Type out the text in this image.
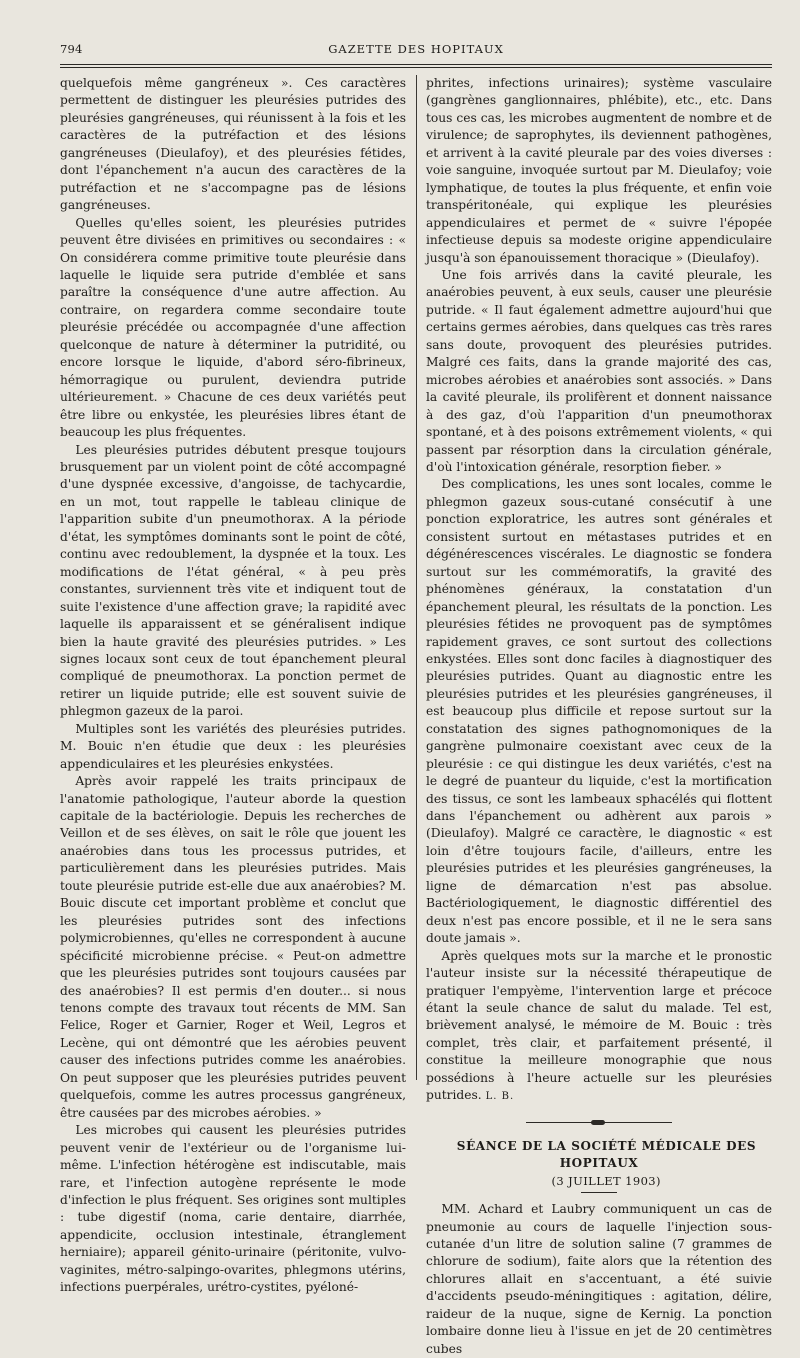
794	GAZETTE DES HOPITAUX

quelquefois même gangréneux ». Ces caractères permettent de distinguer les pleurésies putrides des pleurésies gangréneuses, qui réunissent à la fois et les caractères de la putréfaction et des lésions gangréneuses (Dieulafoy), et des pleurésies fétides, dont l'épanchement n'a aucun des caractères de la putréfaction et ne s'accompagne pas de lésions gangréneuses.

Quelles qu'elles soient, les pleurésies putrides peuvent être divisées en primitives ou secondaires : « On considérera comme primitive toute pleurésie dans laquelle le liquide sera putride d'emblée et sans paraître la conséquence d'une autre affection. Au contraire, on regardera comme secondaire toute pleurésie précédée ou accompagnée d'une affection quelconque de nature à déterminer la putridité, ou encore lorsque le liquide, d'abord séro-fibrineux, hémorragique ou purulent, deviendra putride ultérieurement. » Chacune de ces deux variétés peut être libre ou enkystée, les pleurésies libres étant de beaucoup les plus fréquentes.

Les pleurésies putrides débutent presque toujours brusquement par un violent point de côté accompagné d'une dyspnée excessive, d'angoisse, de tachycardie, en un mot, tout rappelle le tableau clinique de l'apparition subite d'un pneumothorax. A la période d'état, les symptômes dominants sont le point de côté, continu avec redoublement, la dyspnée et la toux. Les modifications de l'état général, « à peu près constantes, surviennent très vite et indiquent tout de suite l'existence d'une affection grave; la rapidité avec laquelle ils apparaissent et se généralisent indique bien la haute gravité des pleurésies putrides. » Les signes locaux sont ceux de tout épanchement pleural compliqué de pneumothorax. La ponction permet de retirer un liquide putride; elle est souvent suivie de phlegmon gazeux de la paroi.

Multiples sont les variétés des pleurésies putrides. M. Bouic n'en étudie que deux : les pleurésies appendiculaires et les pleurésies enkystées.

Après avoir rappelé les traits principaux de l'anatomie pathologique, l'auteur aborde la question capitale de la bactériologie. Depuis les recherches de Veillon et de ses élèves, on sait le rôle que jouent les anaérobies dans tous les processus putrides, et particulièrement dans les pleurésies putrides. Mais toute pleurésie putride est-elle due aux anaérobies? M. Bouic discute cet important problème et conclut que les pleurésies putrides sont des infections polymicrobiennes, qu'elles ne correspondent à aucune spécificité microbienne précise. « Peut-on admettre que les pleurésies putrides sont toujours causées par des anaérobies? Il est permis d'en douter... si nous tenons compte des travaux tout récents de MM. San Felice, Roger et Garnier, Roger et Weil, Legros et Lecène, qui ont démontré que les aérobies peuvent causer des infections putrides comme les anaérobies. On peut supposer que les pleurésies putrides peuvent quelquefois, comme les autres processus gangréneux, être causées par des microbes aérobies. »

Les microbes qui causent les pleurésies putrides peuvent venir de l'extérieur ou de l'organisme lui-même. L'infection hétérogène est indiscutable, mais rare, et l'infection autogène représente le mode d'infection le plus fréquent. Ses origines sont multiples : tube digestif (noma, carie dentaire, diarrhée, appendicite, occlusion intestinale, étranglement herniaire); appareil génito-urinaire (péritonite, vulvo-vaginites, métro-salpingo-ovarites, phlegmons utérins, infections puerpérales, urétro-cystites, pyéloné-

phrites, infections urinaires); système vasculaire (gangrènes ganglionnaires, phlébite), etc., etc. Dans tous ces cas, les microbes augmentent de nombre et de virulence; de saprophytes, ils deviennent pathogènes, et arrivent à la cavité pleurale par des voies diverses : voie sanguine, invoquée surtout par M. Dieulafoy; voie lymphatique, de toutes la plus fréquente, et enfin voie transpéritonéale, qui explique les pleurésies appendiculaires et permet de « suivre l'épopée infectieuse depuis sa modeste origine appendiculaire jusqu'à son épanouissement thoracique » (Dieulafoy).

Une fois arrivés dans la cavité pleurale, les anaérobies peuvent, à eux seuls, causer une pleurésie putride. « Il faut également admettre aujourd'hui que certains germes aérobies, dans quelques cas très rares sans doute, provoquent des pleurésies putrides. Malgré ces faits, dans la grande majorité des cas, microbes aérobies et anaérobies sont associés. » Dans la cavité pleurale, ils prolifèrent et donnent naissance à des gaz, d'où l'apparition d'un pneumothorax spontané, et à des poisons extrêmement violents, « qui passent par résorption dans la circulation générale, d'où l'intoxication générale, resorption fieber. »

Des complications, les unes sont locales, comme le phlegmon gazeux sous-cutané consécutif à une ponction exploratrice, les autres sont générales et consistent surtout en métastases putrides et en dégénérescences viscérales. Le diagnostic se fondera surtout sur les commémoratifs, la gravité des phénomènes généraux, la constatation d'un épanchement pleural, les résultats de la ponction. Les pleurésies fétides ne provoquent pas de symptômes rapidement graves, ce sont surtout des collections enkystées. Elles sont donc faciles à diagnostiquer des pleurésies putrides. Quant au diagnostic entre les pleurésies putrides et les pleurésies gangréneuses, il est beaucoup plus difficile et repose surtout sur la constatation des signes pathognomoniques de la gangrène pulmonaire coexistant avec ceux de la pleurésie : ce qui distingue les deux variétés, c'est na le degré de puanteur du liquide, c'est la mortification des tissus, ce sont les lambeaux sphacélés qui flottent dans l'épanchement ou adhèrent aux parois » (Dieulafoy). Malgré ce caractère, le diagnostic « est loin d'être toujours facile, d'ailleurs, entre les pleurésies putrides et les pleurésies gangréneuses, la ligne de démarcation n'est pas absolue. Bactériologiquement, le diagnostic différentiel des deux n'est pas encore possible, et il ne le sera sans doute jamais ».

Après quelques mots sur la marche et le pronostic l'auteur insiste sur la nécessité thérapeutique de pratiquer l'empyème, l'intervention large et précoce étant la seule chance de salut du malade. Tel est, brièvement analysé, le mémoire de M. Bouic : très complet, très clair, et parfaitement présenté, il constitue la meilleure monographie que nous possédions à l'heure actuelle sur les pleurésies putrides. L. B.

SÉANCE DE LA SOCIÉTÉ MÉDICALE DES HOPITAUX

(3 JUILLET 1903)

MM. Achard et Laubry communiquent un cas de pneumonie au cours de laquelle l'injection sous-cutanée d'un litre de solution saline (7 grammes de chlorure de sodium), faite alors que la rétention des chlorures allait en s'accentuant, a été suivie d'accidents pseudo-méningitiques : agitation, délire, raideur de la nuque, signe de Kernig. La ponction lombaire donne lieu à l'issue en jet de 20 centimètres cubes
